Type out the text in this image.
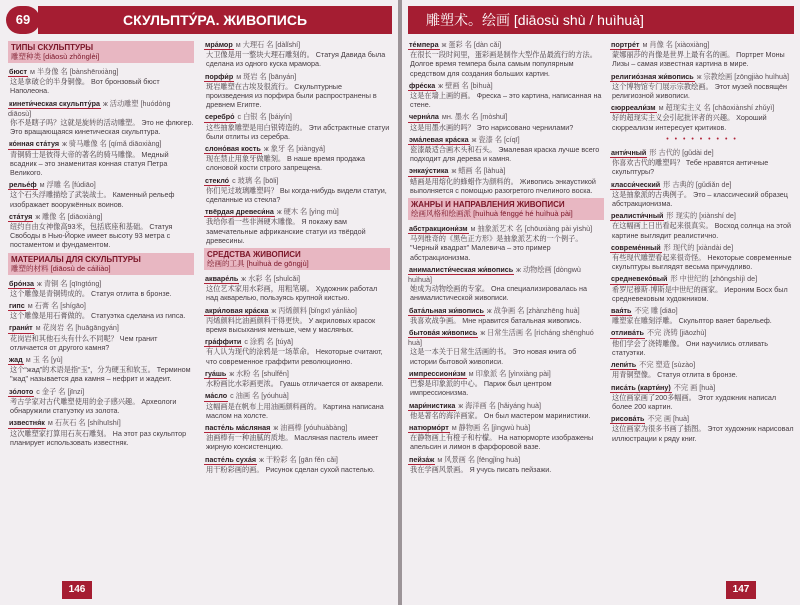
69	СКУЛЬПТУ́РА. ЖИВОПИСЬ
ТИПЫ СКУЛЬПТУРЫ
雕塑种类 [diāosù zhǒnglèi]
бюст м 半身像 名 [bànshēnxiàng]
这是拿破仑的半身铜像。 Вот бронзовый бюст Наполеона.
кинети́ческая скульпту́ра ж 活动雕塑 [huódòng diāosù]
你不是瞎子吗？这就是旋转的活动雕塑。 Это не флюгер. Это вращающаяся кинетическая скульптура.
ко́нная ста́туя ж 骑马雕像 名 [qímǎ diāoxiàng]
青铜骑士是彼得大帝的著名的骑马雕像。 Медный всадник – это знаменитая конная статуя Петра Великого.
релье́ф м 浮雕 名 [fúdiāo]
这个石头浮雕描绘了武装战士。 Каменный рельеф изображает вооружённых воинов.
ста́туя ж 雕像 名 [diāoxiàng]
纽约自由女神像高93米，包括底座和基础。 Статуя Свободы в Нью-Йорке имеет высоту 93 метра с постаментом и фундаментом.
МАТЕРИАЛЫ ДЛЯ СКУЛЬПТУРЫ
雕塑的材料 [diāosù de cáiliào]
бро́нза ж 青铜 名 [qīngtóng]
这个雕像是青铜铸成的。 Статуя отлита в бронзе.
гипс м 石膏 名 [shígāo]
这个雕像是用石膏做的。 Статуэтка сделана из гипса.
грани́т м 花岗岩 名 [huāgāngyán]
花岗岩和其他石头有什么不同呢？ Чем гранит отличается от другого камня?
жад м 玉 名 [yù]
这个“жад”的术语是指“玉”，分为硬玉和软玉。 Термином "жад" называется два камня – нефрит и жадеит.
зо́лото с 金子 名 [jīnzi]
考古学家对古代雕塑使用的金子感兴趣。 Археологи обнаружили статуэтку из золота.
известня́к м 石灰石 名 [shíhuīshí]
这次雕塑家打算用石灰石雕刻。 На этот раз скульптор планирует использовать известняк.
мра́мор м 大理石 名 [dàlǐshí]
大卫像是用一整块大理石雕刻的。 Статуя Давида была сделана из одного куска мрамора.
порфи́р м 斑岩 名 [bānyán]
斑岩雕塑在古埃及很流行。 Скульптурные произведения из порфира были распространены в древнем Египте.
серебро́ с 白银 名 [báiyín]
这些抽象雕塑是用白银铸造的。 Эти абстрактные статуи были отлиты из серебра.
слоно́вая кость ж 象牙 名 [xiàngyá]
现在禁止用象牙做雕刻。 В наше время продажа слоновой кости строго запрещена.
стекло́ с 玻璃 名 [bōli]
你们见过玻璃雕塑吗？ Вы когда-нибудь видели статуи, сделанные из стекла?
твёрдая древеси́на ж 硬木 名 [yìng mù]
我给你看一些非洲硬木雕像。 Я покажу вам замечательные африканские статуи из твёрдой древесины.
СРЕДСТВА ЖИВОПИСИ
绘画的工具 [huìhuà de gōngjù]
акваре́ль ж 水彩 名 [shuǐcǎi]
这位艺术家用水彩画，用粗笔刷。 Художник работал над акварелью, пользуясь крупной кистью.
акри́ловая кра́ска ж 丙烯颜料 [bǐngxī yánliào]
丙烯颜料比油画颜料干得更快。 У акриловых красок время высыхания меньше, чем у масляных.
гра́ффити с 涂鸦 名 [túyā]
有人认为现代的涂鸦是一场革命。 Некоторые считают, что современное граффити революционно.
гуа́шь ж 水粉 名 [shuǐfěn]
水粉画比水彩画更浓。 Гуашь отличается от акварели.
ма́сло с 油画 名 [yóuhuà]
这幅画是在帆布上用油画颜料画的。 Картина написана маслом на холсте.
пасте́ль ма́сляная ж 油画棒 [yóuhuàbàng]
油画棒有一种油腻的质地。 Масляная пастель имеет жирную консистенцию.
пасте́ль суха́я ж 干粉彩 名 [gān fěn cǎi]
用干粉彩画的画。 Рисунок сделан сухой пастелью.
146
雕塑术。绘画 [diāosù shù / huìhuà]
те́мпера ж 蛋彩 名 [dàn cǎi]
在很长一段时间里，蛋彩画是制作大型作品最流行的方法。 Долгое время темпера была самым популярным средством для создания больших картин.
фре́ска ж 壁画 名 [bìhuà]
这是在墙上画的画。 Фреска – это картина, написанная на стене.
черни́ла мн. 墨水 名 [mòshuǐ]
这是用墨水画的吗？ Это нарисовано чернилами?
эма́левая кра́ска ж 瓷漆 名 [cíqī]
瓷漆最适合画木头和石头。 Эмалевая краска лучше всего подходит для дерева и камня.
энкау́стика ж 蜡画 名 [làhuà]
蜡画是用熔化的蜂蜡作为颜料的。 Живопись энкаустикой выполняется с помощью разогретого пчелиного воска.
ЖАНРЫ И НАПРАВЛЕНИЯ ЖИВОПИСИ
绘画风格和绘画派 [huìhuà fēnggé hé huìhuà pài]
абстракциони́зм м 抽象派艺术 名 [chōuxiàng pài yìshù]
马列维奇的《黑色正方形》是抽象派艺术的一个例子。 "Черный квадрат" Малевича – это пример абстракционизма.
анималисти́ческая жи́вопись ж 动物绘画 [dòngwù huìhuà]
她成为动物绘画的专家。 Она специализировалась на анималистической живописи.
бата́льная жи́вопись ж 战争画 名 [zhànzhēng huà]
我喜欢战争画。 Мне нравится батальная живопись.
бытова́я жи́вопись ж 日常生活画 名 [rìcháng shēnghuó huà]
这是一本关于日常生活画的书。 Это новая книга об истории бытовой живописи.
импрессиони́зм м 印象派 名 [yìnxiàng pài]
巴黎是印象派的中心。 Париж был центром импрессионизма.
мари́нистика ж 海洋画 名 [hǎiyáng huà]
他是著名的海洋画家。 Он был мастером маринистики.
натюрмо́рт м 静物画 名 [jìngwù huà]
在静物画上有橙子和柠檬。 На натюрморте изображены апельсин и лимон в фарфоровой вазе.
пейза́ж м 风景画 名 [fēngjǐng huà]
我在学画风景画。 Я учусь писать пейзажи.
портре́т м 肖像 名 [xiàoxiàng]
蒙娜丽莎的肖像是世界上最有名的画。 Портрет Моны Лизы – самая известная картина в мире.
религио́зная жи́вопись ж 宗教绘画 [zōngjiào huìhuà]
这个博物馆专门展示宗教绘画。 Этот музей посвящён религиозной живописи.
сюрреали́зм м 超现实主义 名 [chāoxiànshí zhǔyì]
好的超现实主义会引起批评者的兴趣。 Хороший сюрреализм интересует критиков.
• • • • • • • • •
анти́чный 形 古代的 [gǔdài de]
你喜欢古代的雕塑吗？ Тебе нравятся античные скульптуры?
класси́ческий 形 古典的 [gǔdiǎn de]
这是抽象派的古典例子。 Это – классический образец абстракционизма.
реалисти́чный 形 现实的 [xiànshí de]
在这幅画上日出看起来很真实。 Восход солнца на этой картине выглядит реалистично.
совреме́нный 形 现代的 [xiàndài de]
有些现代雕塑看起来很奇怪。 Некоторые современные скульптуры выглядят весьма причудливо.
средневеко́вый 形 中世纪的 [zhōngshìjì de]
希罗尼穆斯·博斯是中世纪的画家。 Иероним Босх был средневековым художником.
вая́ть 不完 雕 [diāo]
雕塑家在雕刻浮雕。 Скульптор ваяет барельеф.
отлива́ть 不完 浇铸 [jiāozhù]
他们学会了浇铸雕像。 Они научились отливать статуэтки.
лепи́ть 不完 塑造 [sùzào]
用青铜塑像。 Статуя отлита в бронзе.
писа́ть (карти́ну) 不完 画 [huà]
这位画家画了200多幅画。 Этот художник написал более 200 картин.
рисова́ть 不完 画 [huà]
这位画家为很多书画了插图。 Этот художник нарисовал иллюстрации к ряду книг.
147
